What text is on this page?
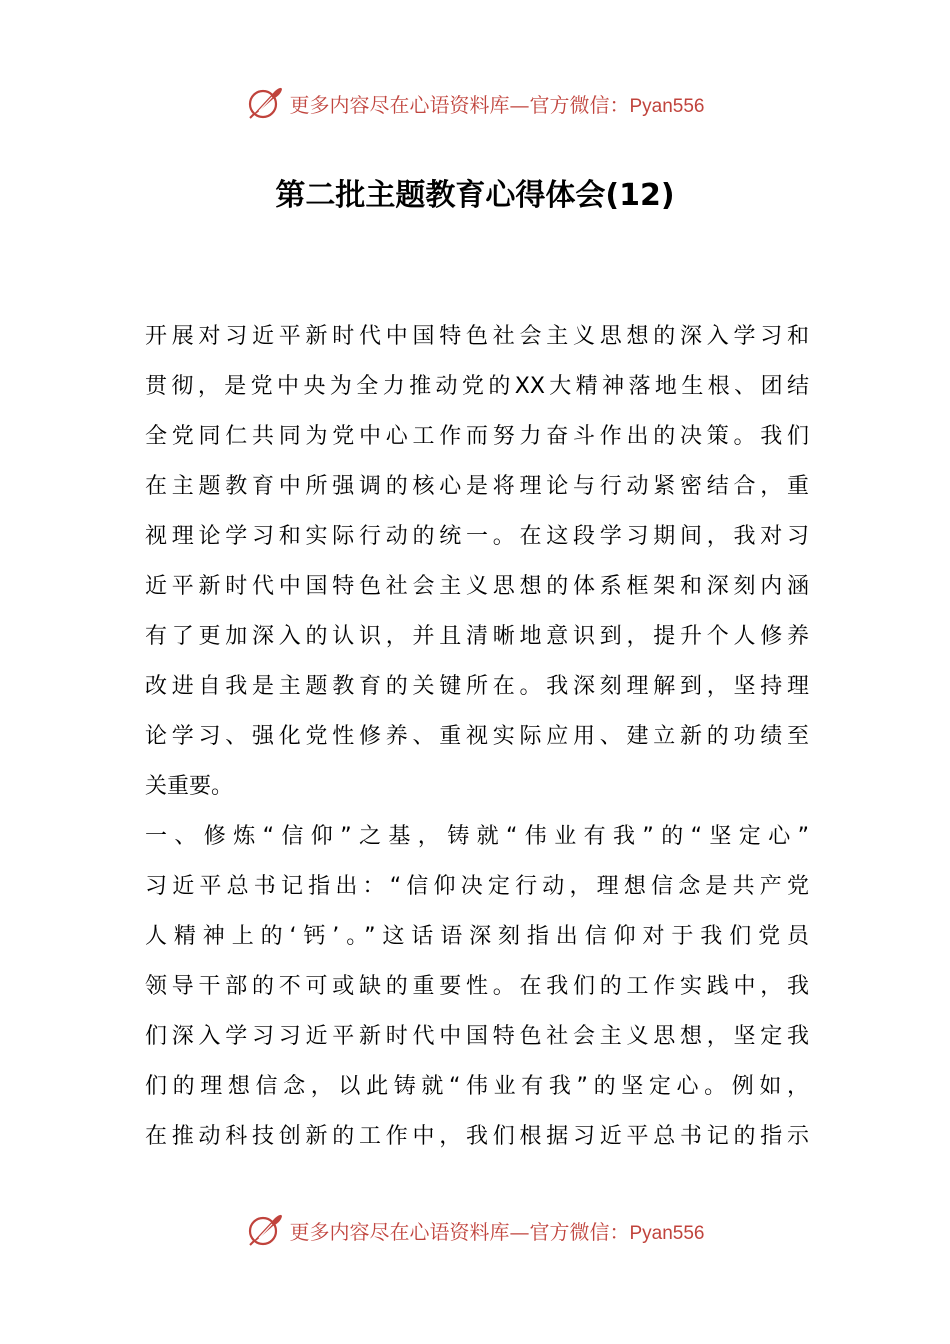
更多内容尽在心语资料库—官方微信：Pyan556
第二批主题教育心得体会(12)
开展对习近平新时代中国特色社会主义思想的深入学习和
贯彻，是党中央为全力推动党的XX大精神落地生根、团结
全党同仁共同为党中心工作而努力奋斗作出的决策。我们
在主题教育中所强调的核心是将理论与行动紧密结合，重
视理论学习和实际行动的统一。在这段学习期间，我对习
近平新时代中国特色社会主义思想的体系框架和深刻内涵
有了更加深入的认识，并且清晰地意识到，提升个人修养
改进自我是主题教育的关键所在。我深刻理解到，坚持理
论学习、强化党性修养、重视实际应用、建立新的功绩至
关重要。
一、修炼“信仰”之基，铸就“伟业有我”的“坚定心”
习近平总书记指出：“信仰决定行动，理想信念是共产党
人精神上的‘钙’。”这话语深刻指出信仰对于我们党员
领导干部的不可或缺的重要性。在我们的工作实践中，我
们深入学习习近平新时代中国特色社会主义思想，坚定我
们的理想信念，以此铸就“伟业有我”的坚定心。例如，
在推动科技创新的工作中，我们根据习近平总书记的指示
更多内容尽在心语资料库—官方微信：Pyan556
